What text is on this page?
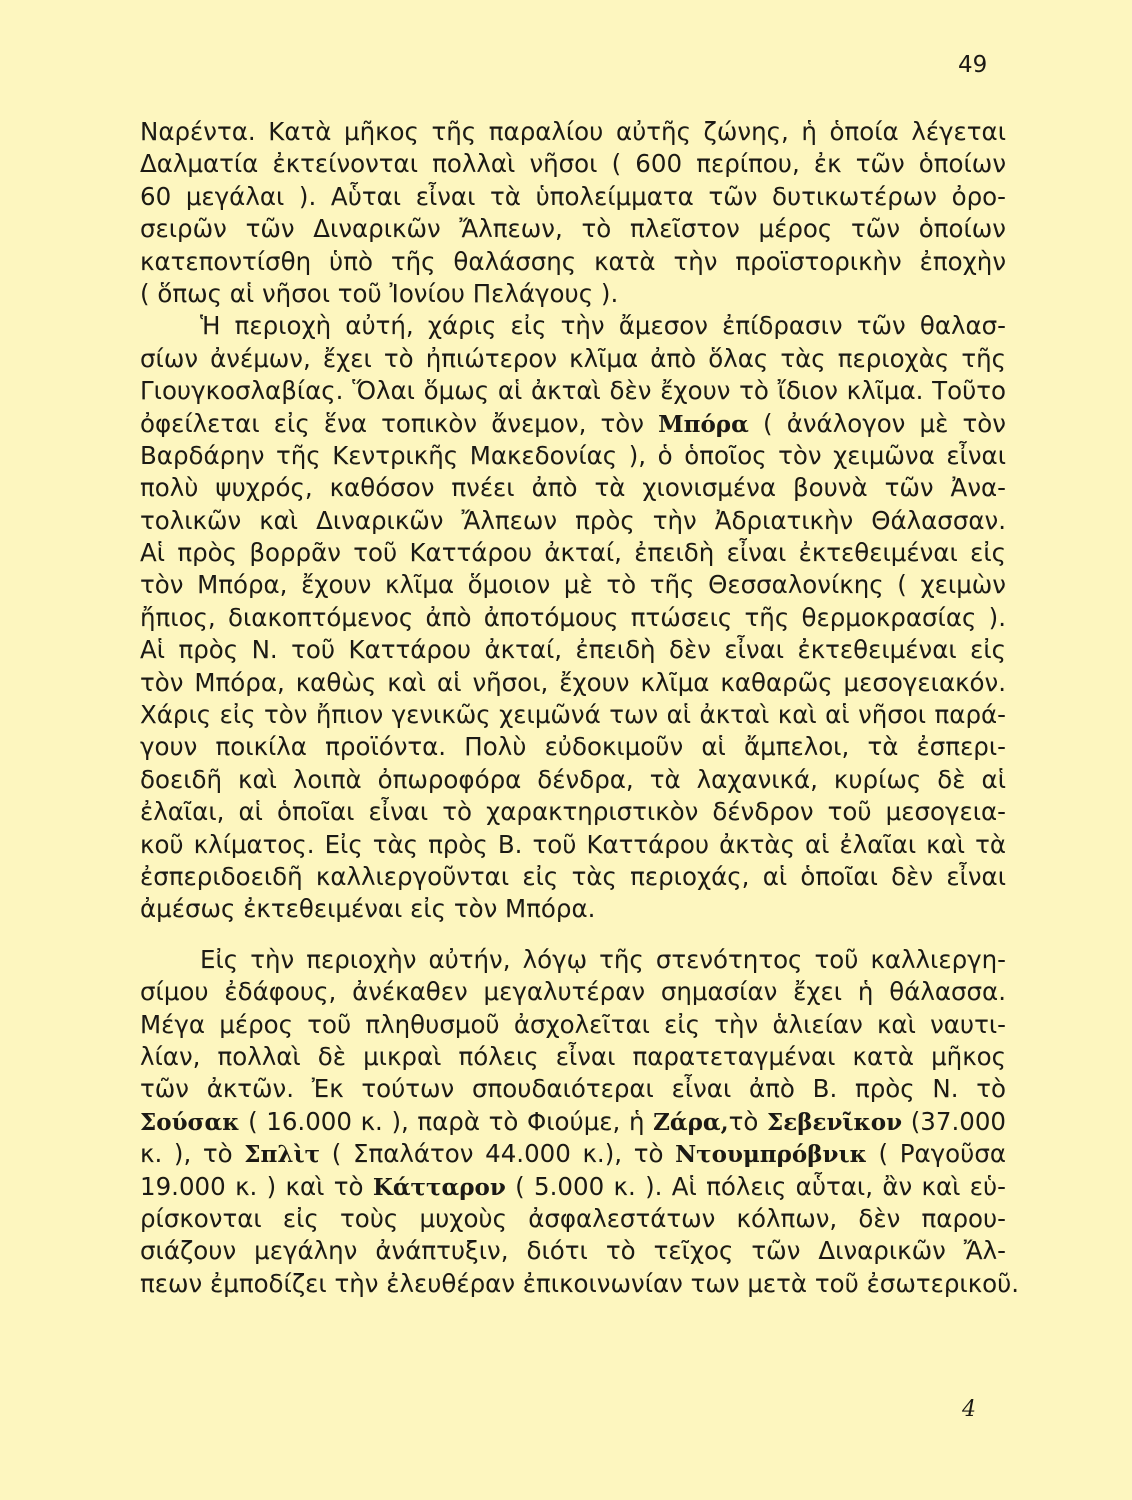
49
Ναρέντα. Κατὰ μῆκος τῆς παραλίου αὐτῆς ζώνης, ἡ ὁποία λέγεται
Δαλματία ἐκτείνονται πολλαὶ νῆσοι ( 600 περίπου, ἐκ τῶν ὁποίων
60 μεγάλαι ). Αὗται εἶναι τὰ ὑπολείμματα τῶν δυτικωτέρων ὀρο-
σειρῶν τῶν Διναρικῶν Ἄλπεων, τὸ πλεῖστον μέρος τῶν ὁποίων
κατεποντίσθη ὑπὸ τῆς θαλάσσης κατὰ τὴν προϊστορικὴν ἐποχὴν
( ὅπως αἱ νῆσοι τοῦ Ἰονίου Πελάγους ).
Ἡ περιοχὴ αὐτή, χάρις εἰς τὴν ἄμεσον ἐπίδρασιν τῶν θαλασ-
σίων ἀνέμων, ἔχει τὸ ἠπιώτερον κλῖμα ἀπὸ ὅλας τὰς περιοχὰς τῆς
Γιουγκοσλαβίας. Ὅλαι ὅμως αἱ ἀκταὶ δὲν ἔχουν τὸ ἴδιον κλῖμα. Τοῦτο
ὀφείλεται εἰς ἕνα τοπικὸν ἄνεμον, τὸν Μπόρα ( ἀνάλογον μὲ τὸν
Βαρδάρην τῆς Κεντρικῆς Μακεδονίας ), ὁ ὁποῖος τὸν χειμῶνα εἶναι
πολὺ ψυχρός, καθόσον πνέει ἀπὸ τὰ χιονισμένα βουνὰ τῶν Ἀνα-
τολικῶν καὶ Διναρικῶν Ἄλπεων πρὸς τὴν Ἀδριατικὴν Θάλασσαν.
Αἱ πρὸς βορρᾶν τοῦ Καττάρου ἀκταί, ἐπειδὴ εἶναι ἐκτεθειμέναι εἰς
τὸν Μπόρα, ἔχουν κλῖμα ὅμοιον μὲ τὸ τῆς Θεσσαλονίκης ( χειμὼν
ἤπιος, διακοπτόμενος ἀπὸ ἀποτόμους πτώσεις τῆς θερμοκρασίας ).
Αἱ πρὸς Ν. τοῦ Καττάρου ἀκταί, ἐπειδὴ δὲν εἶναι ἐκτεθειμέναι εἰς
τὸν Μπόρα, καθὼς καὶ αἱ νῆσοι, ἔχουν κλῖμα καθαρῶς μεσογειακόν.
Χάρις εἰς τὸν ἤπιον γενικῶς χειμῶνά των αἱ ἀκταὶ καὶ αἱ νῆσοι παρά-
γουν ποικίλα προϊόντα. Πολὺ εὐδοκιμοῦν αἱ ἄμπελοι, τὰ ἐσπερι-
δοειδῆ καὶ λοιπὰ ὀπωροφόρα δένδρα, τὰ λαχανικά, κυρίως δὲ αἱ
ἐλαῖαι, αἱ ὁποῖαι εἶναι τὸ χαρακτηριστικὸν δένδρον τοῦ μεσογεια-
κοῦ κλίματος. Εἰς τὰς πρὸς Β. τοῦ Καττάρου ἀκτὰς αἱ ἐλαῖαι καὶ τὰ
ἐσπεριδοειδῆ καλλιεργοῦνται εἰς τὰς περιοχάς, αἱ ὁποῖαι δὲν εἶναι
ἀμέσως ἐκτεθειμέναι εἰς τὸν Μπόρα.
Εἰς τὴν περιοχὴν αὐτήν, λόγῳ τῆς στενότητος τοῦ καλλιεργη-
σίμου ἐδάφους, ἀνέκαθεν μεγαλυτέραν σημασίαν ἔχει ἡ θάλασσα.
Μέγα μέρος τοῦ πληθυσμοῦ ἀσχολεῖται εἰς τὴν ἁλιείαν καὶ ναυτι-
λίαν, πολλαὶ δὲ μικραὶ πόλεις εἶναι παρατεταγμέναι κατὰ μῆκος
τῶν ἀκτῶν. Ἐκ τούτων σπουδαιότεραι εἶναι ἀπὸ Β. πρὸς Ν. τὸ
Σούσακ ( 16.000 κ. ), παρὰ τὸ Φιούμε, ἡ Ζάρα,τὸ Σεβενῖκον (37.000
κ. ), τὸ Σπλὶτ ( Σπαλάτον 44.000 κ.), τὸ Ντουμπρόβνικ ( Ραγοῦσα
19.000 κ. ) καὶ τὸ Κάτταρον ( 5.000 κ. ). Αἱ πόλεις αὗται, ἂν καὶ εὑ-
ρίσκονται εἰς τοὺς μυχοὺς ἀσφαλεστάτων κόλπων, δὲν παρου-
σιάζουν μεγάλην ἀνάπτυξιν, διότι τὸ τεῖχος τῶν Διναρικῶν Ἄλ-
πεων ἐμποδίζει τὴν ἐλευθέραν ἐπικοινωνίαν των μετὰ τοῦ ἐσωτερικοῦ.
4
